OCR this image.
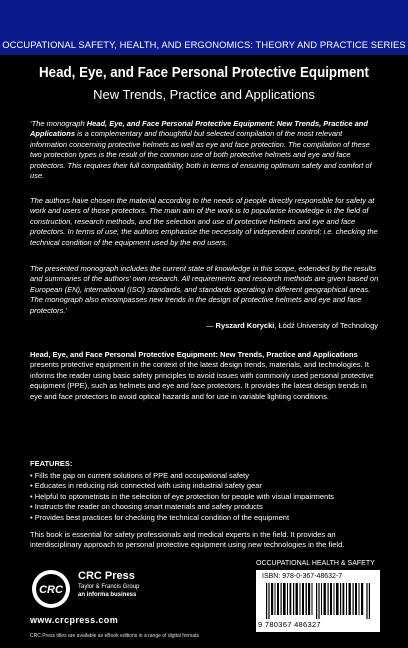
OCCUPATIONAL SAFETY, HEALTH, AND ERGONOMICS: THEORY AND PRACTICE SERIES
Head, Eye, and Face Personal Protective Equipment
New Trends, Practice and Applications
‘The monograph Head, Eye, and Face Personal Protective Equipment: New Trends, Practice and Applications is a complementary and thoughtful but selected compilation of the most relevant information concerning protective helmets as well as eye and face protection. The compilation of these two protection types is the result of the common use of both protective helmets and eye and face protectors. This requires their full compatibility, both in terms of ensuring optimum safety and comfort of use.
The authors have chosen the material according to the needs of people directly responsible for safety at work and users of those protectors. The main aim of the work is to popularise knowledge in the field of construction, research methods, and the selection and use of protective helmets and eye and face protectors. In terms of use, the authors emphasise the necessity of independent control; i.e. checking the technical condition of the equipment used by the end users.
The presented monograph includes the current state of knowledge in this scope, extended by the results and summaries of the authors’ own research. All requirements and research methods are given based on European (EN), international (ISO) standards, and standards operating in different geographical areas. The monograph also encompasses new trends in the design of protective helmets and eye and face protectors.’
— Ryszard Korycki, Łódź University of Technology
Head, Eye, and Face Personal Protective Equipment: New Trends, Practice and Applications presents protective equipment in the context of the latest design trends, materials, and technologies. It informs the reader using basic safety principles to avoid issues with commonly used personal protective equipment (PPE), such as helmets and eye and face protectors. It provides the latest design trends in eye and face protectors to avoid optical hazards and for use in variable lighting conditions.
FEATURES:
• Fills the gap on current solutions of PPE and occupational safety
• Educates in reducing risk connected with using industrial safety gear
• Helpful to optometrists in the selection of eye protection for people with visual impairments
• Instructs the reader on choosing smart materials and safety products
• Provides best practices for checking the technical condition of the equipment
This book is essential for safety professionals and medical experts in the field. It provides an interdisciplinary approach to personal protective equipment using new technologies in the field.
OCCUPATIONAL HEALTH & SAFETY
ISBN: 978-0-367-48632-7
9 780367 486327
CRC
CRC Press
Taylor & Francis Group
an informa business
www.crcpress.com
CRC Press titles are available as eBook editions in a range of digital formats
